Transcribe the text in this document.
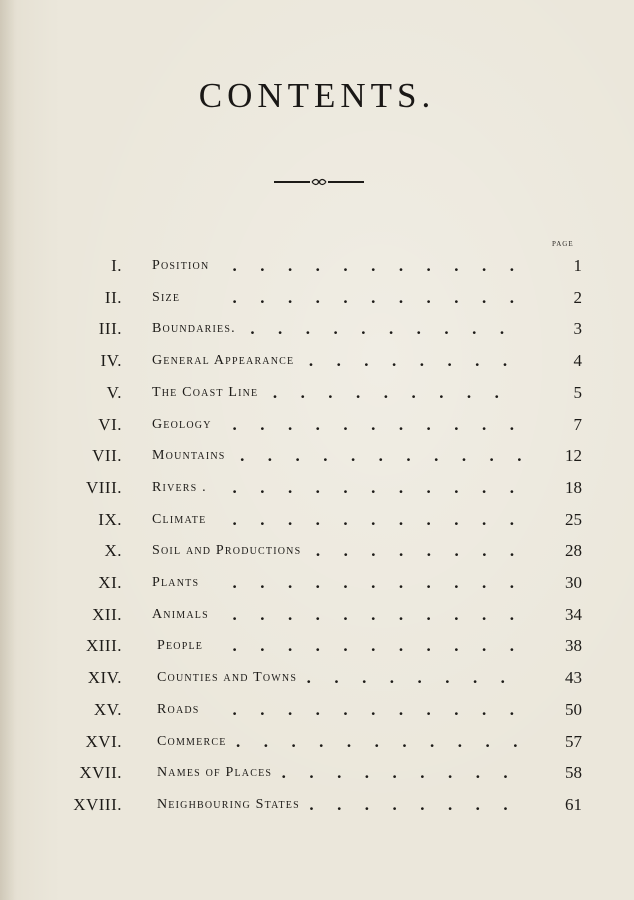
CONTENTS.
PAGE
I. Position	1
.  .  .  .  .  .  .  .  .  .  .  
II. Size	2
.  .  .  .  .  .  .  .  .  .  .  
III. Boundaries.	3
.  .  .  .  .  .  .  .  .  .  
IV. General Appearance	4
.  .  .  .  .  .  .  .  
V. The Coast Line	5
.  .  .  .  .  .  .  .  .  
VI. Geology	7
.  .  .  .  .  .  .  .  .  .  .  
VII. Mountains	12
.  .  .  .  .  .  .  .  .  .  .  
VIII. Rivers .	18
.  .  .  .  .  .  .  .  .  .  .  
IX. Climate	25
.  .  .  .  .  .  .  .  .  .  .  
X. Soil and Productions	28
.  .  .  .  .  .  .  .  
XI. Plants	30
.  .  .  .  .  .  .  .  .  .  .  
XII. Animals	34
.  .  .  .  .  .  .  .  .  .  .  
XIII.	People	38
.  .  .  .  .  .  .  .  .  .  .  
XIV.	Counties and Towns	43
.  .  .  .  .  .  .  .  
XV.	Roads	50
.  .  .  .  .  .  .  .  .  .  .  
XVI.	Commerce	57
.  .  .  .  .  .  .  .  .  .  .  
XVII.	Names of Places	58
.  .  .  .  .  .  .  .  .  
XVIII.	Neighbouring States	61
.  .  .  .  .  .  .  .  
